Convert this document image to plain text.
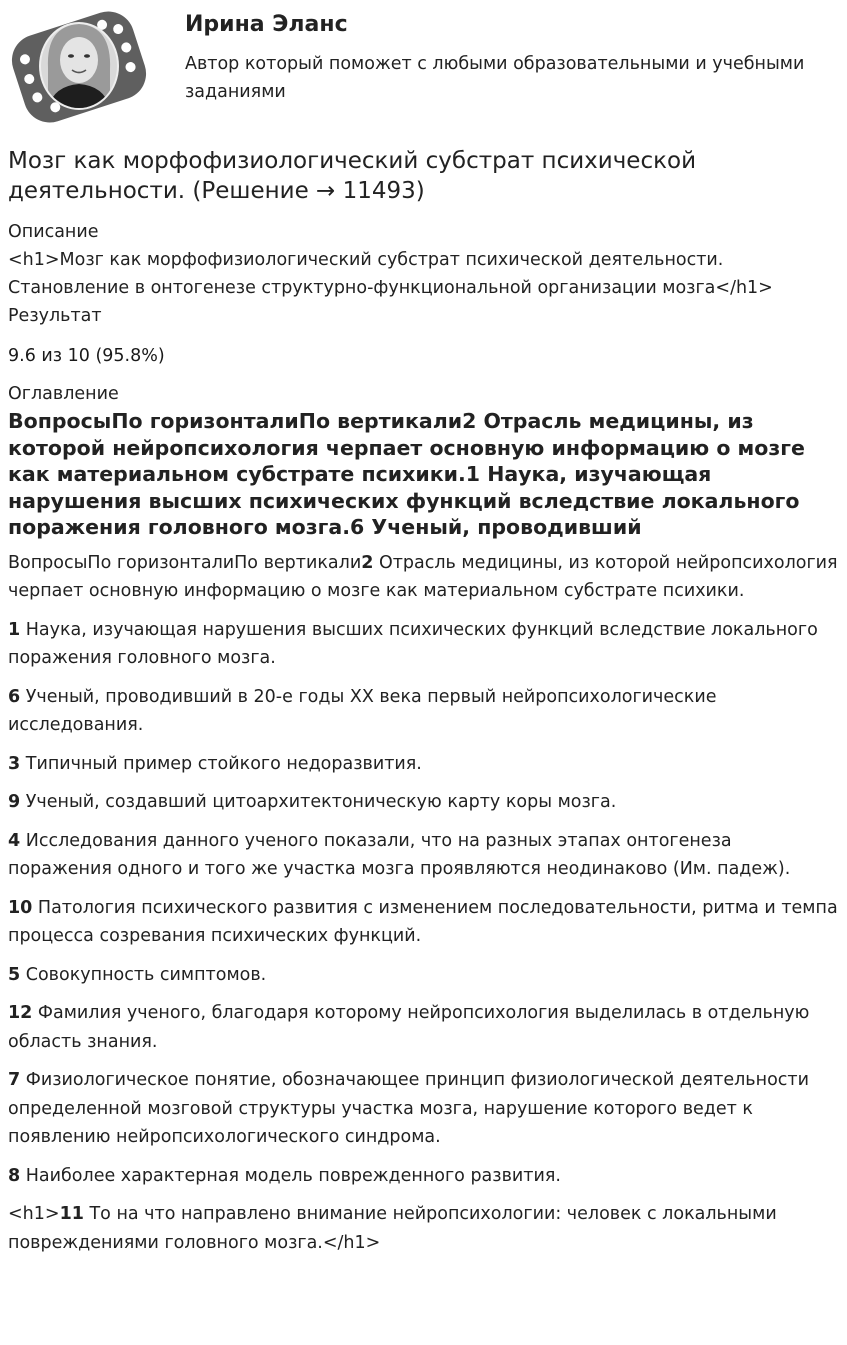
Ирина Эланс
Автор который поможет с любыми образовательными и учебными заданиями
Мозг как морфофизиологический субстрат психической деятельности. (Решение → 11493)
Описание
<h1>Мозг как морфофизиологический субстрат психической деятельности.
Становление в онтогенезе структурно-функциональной организации мозга</h1>
Результат
9.6 из 10 (95.8%)
Оглавление
ВопросыПо горизонталиПо вертикали2 Отрасль медицины, из которой нейропсихология черпает основную информацию о мозге как материальном субстрате психики.1 Наука, изучающая нарушения высших психических функций вследствие локального поражения головного мозга.6 Ученый, проводивший

ВопросыПо горизонталиПо вертикали2 Отрасль медицины, из которой нейропсихология черпает основную информацию о мозге как материальном субстрате психики.

1 Наука, изучающая нарушения высших психических функций вследствие локального поражения головного мозга.

6 Ученый, проводивший в 20-е годы XX века первый нейропсихологические исследования.

3 Типичный пример стойкого недоразвития.

9 Ученый, создавший цитоархитектоническую карту коры мозга.

4 Исследования данного ученого показали, что на разных этапах онтогенеза поражения одного и того же участка мозга проявляются неодинаково (Им. падеж).

10 Патология психического развития с изменением последовательности, ритма и темпа процесса созревания психических функций.

5 Совокупность симптомов.

12 Фамилия ученого, благодаря которому нейропсихология выделилась в отдельную область знания.

7 Физиологическое понятие, обозначающее принцип физиологической деятельности определенной мозговой структуры участка мозга, нарушение которого ведет к появлению нейропсихологического синдрома.

8 Наиболее характерная модель поврежденного развития.

<h1>11 То на что направлено внимание нейропсихологии: человек с локальными повреждениями головного мозга.</h1>
